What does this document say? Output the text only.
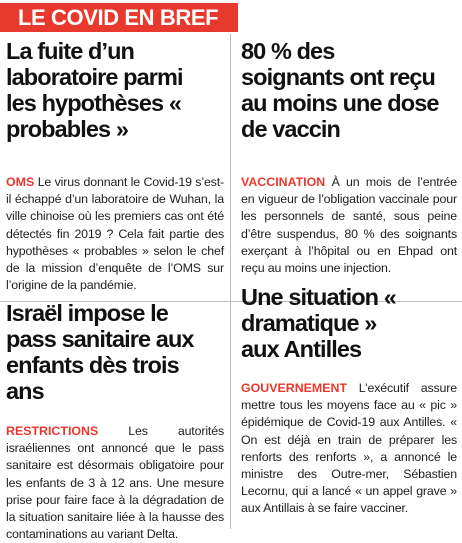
LE COVID EN BREF
La fuite d’un laboratoire parmi les hypothèses « probables »
OMS Le virus donnant le Covid-19 s’est-il échappé d’un laboratoire de Wuhan, la ville chinoise où les premiers cas ont été détectés fin 2019 ? Cela fait partie des hypothèses « probables » selon le chef de la mission d’enquête de l’OMS sur l’origine de la pandémie.
80 % des soignants ont reçu au moins une dose de vaccin
VACCINATION À un mois de l’entrée en vigueur de l’obligation vaccinale pour les personnels de santé, sous peine d’être suspendus, 80 % des soignants exerçant à l’hôpital ou en Ehpad ont reçu au moins une injection.
Israël impose le pass sanitaire aux enfants dès trois ans
RESTRICTIONS Les autorités israéliennes ont annoncé que le pass sanitaire est désormais obligatoire pour les enfants de 3 à 12 ans. Une mesure prise pour faire face à la dégradation de la situation sanitaire liée à la hausse des contaminations au variant Delta.
Une situation « dramatique » aux Antilles
GOUVERNEMENT L’exécutif assure mettre tous les moyens face au « pic » épidémique de Covid-19 aux Antilles. « On est déjà en train de préparer les renforts des renforts », a annoncé le ministre des Outre-mer, Sébastien Lecornu, qui a lancé « un appel grave » aux Antillais à se faire vacciner.
